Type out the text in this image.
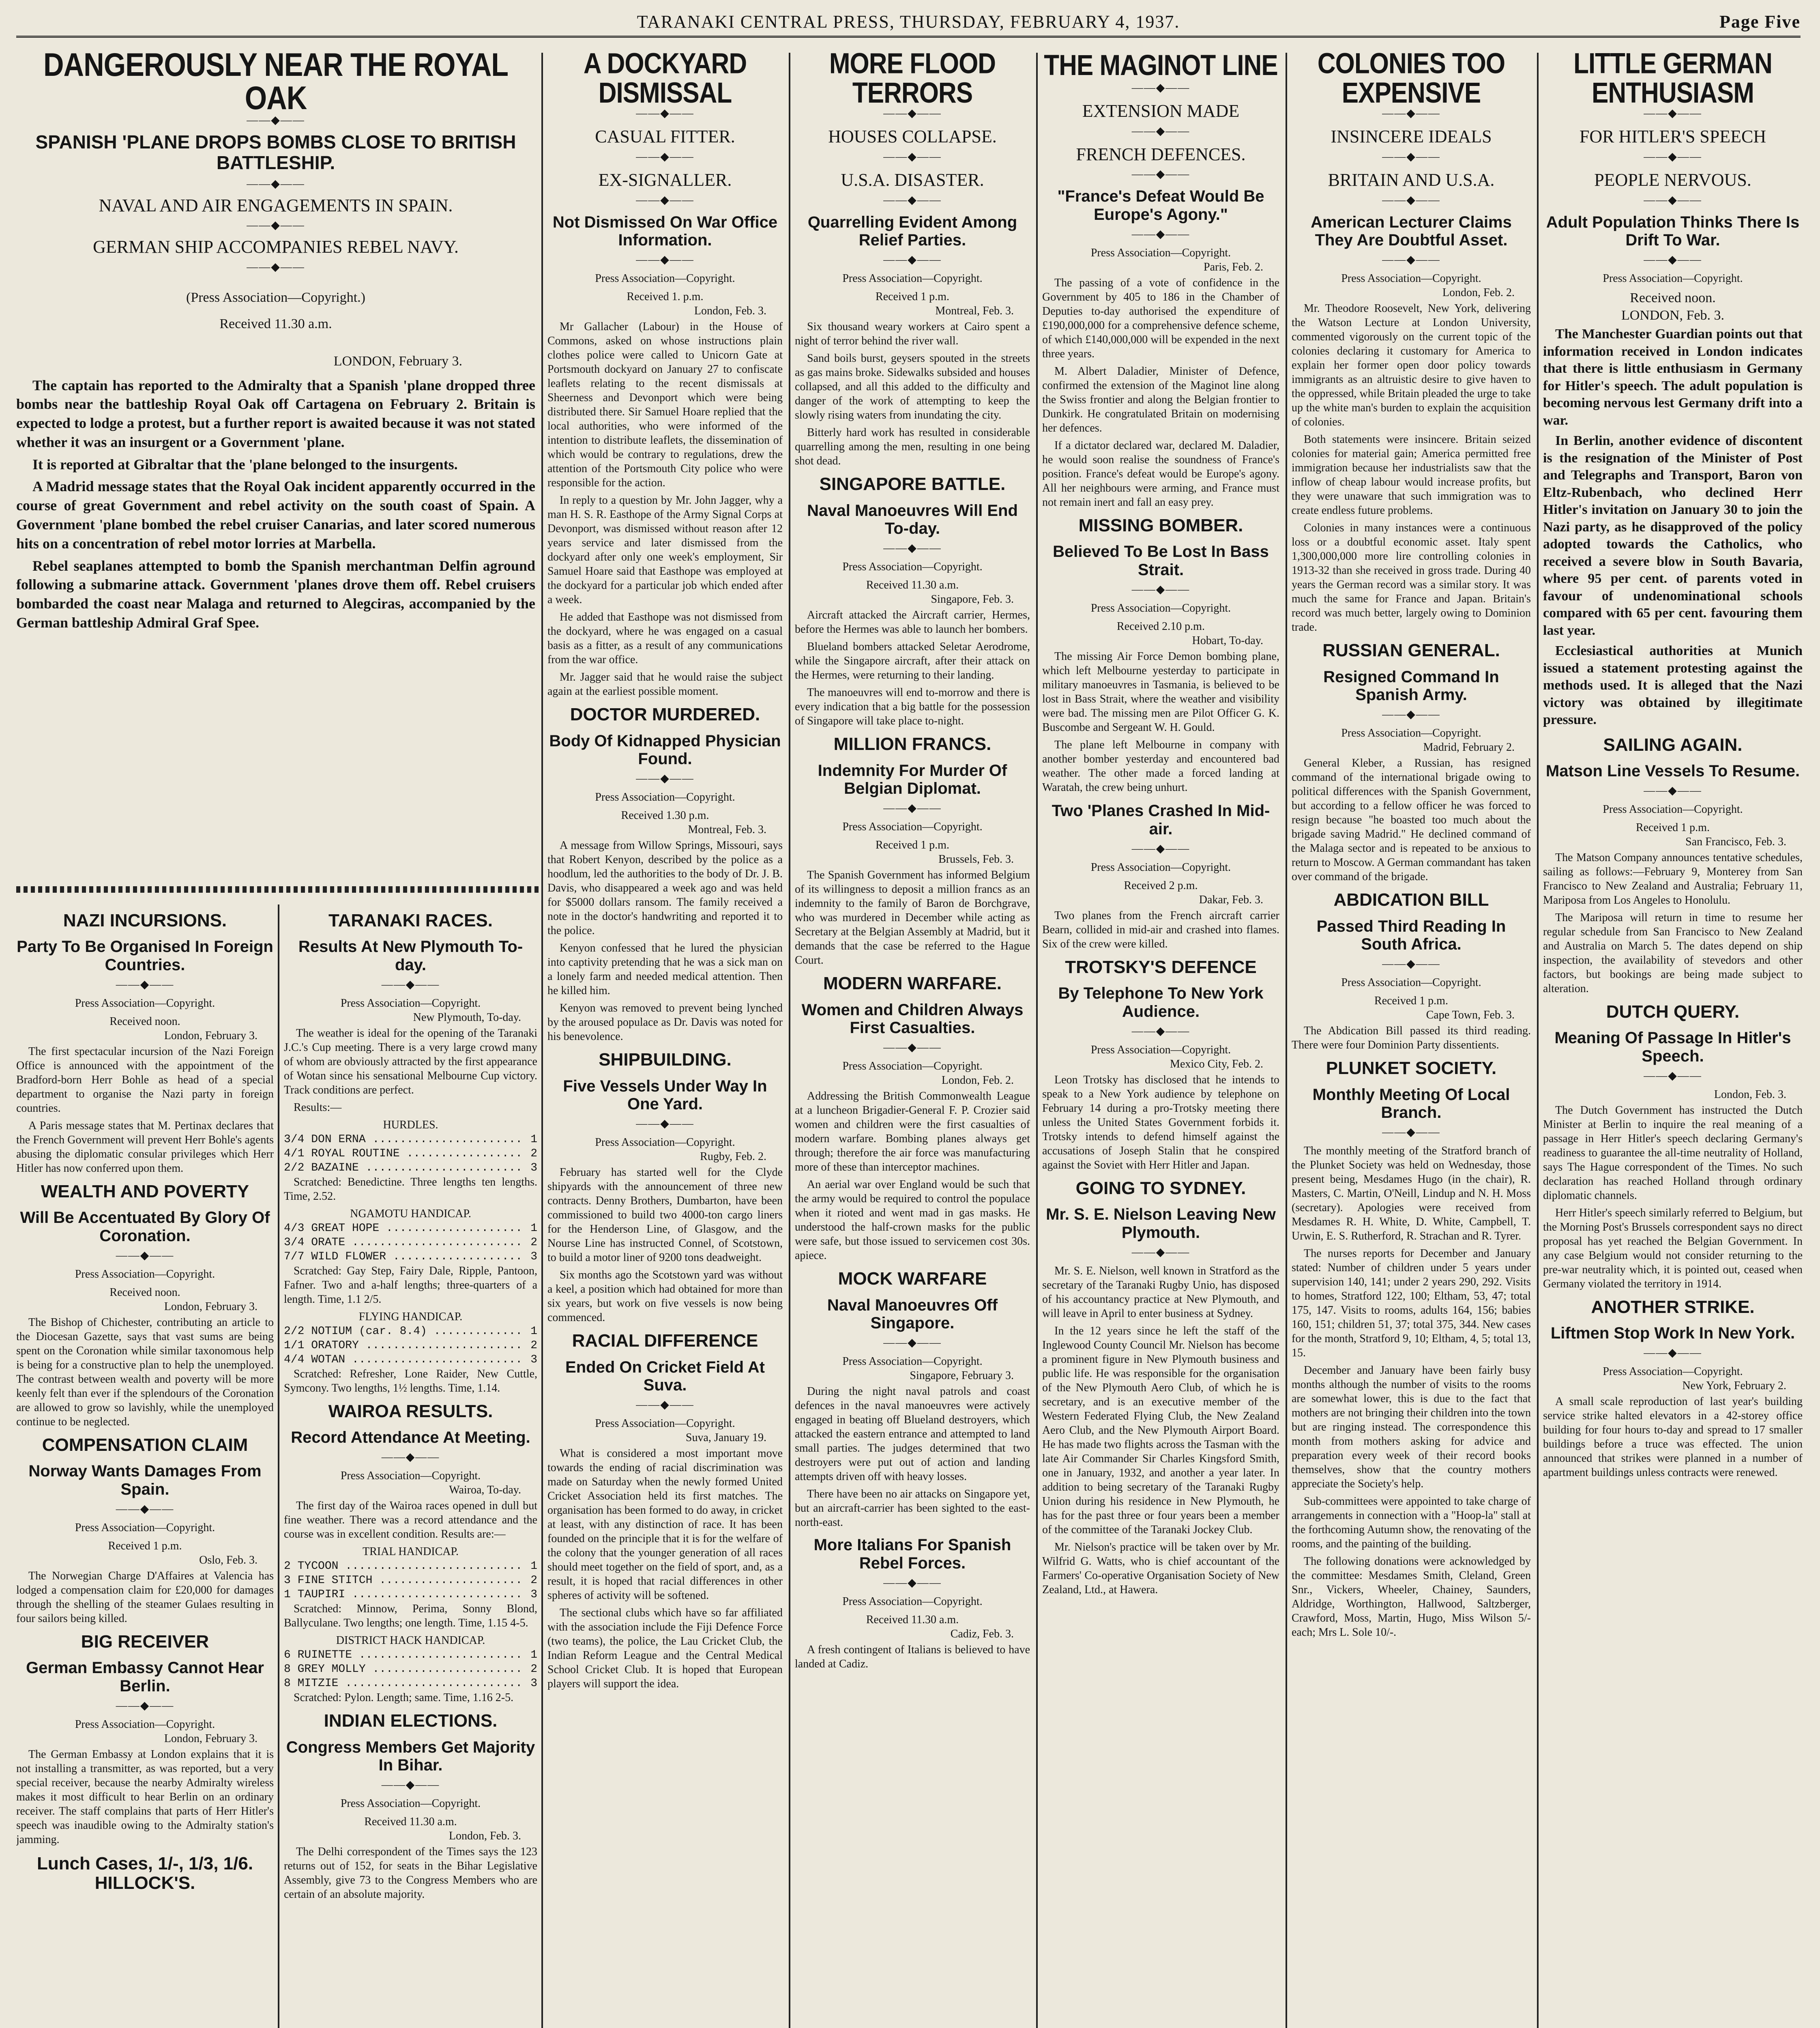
TARANAKI CENTRAL PRESS, THURSDAY, FEBRUARY 4, 1937.	Page Five
DANGEROUSLY NEAR THE ROYAL OAK
――◆――
SPANISH 'PLANE DROPS BOMBS CLOSE TO BRITISH BATTLESHIP.
――◆――
NAVAL AND AIR ENGAGEMENTS IN SPAIN.
――◆――
GERMAN SHIP ACCOMPANIES REBEL NAVY.
――◆――
(Press Association—Copyright.)
Received 11.30 a.m.
LONDON, February 3.

The captain has reported to the Admiralty that a Spanish 'plane dropped three bombs near the battleship Royal Oak off Cartagena on February 2. Britain is expected to lodge a protest, but a further report is awaited because it was not stated whether it was an insurgent or a Government 'plane.

It is reported at Gibraltar that the 'plane belonged to the insurgents.

A Madrid message states that the Royal Oak incident apparently occurred in the course of great Government and rebel activity on the south coast of Spain. A Government 'plane bombed the rebel cruiser Canarias, and later scored numerous hits on a concentration of rebel motor lorries at Marbella.

Rebel seaplanes attempted to bomb the Spanish merchantman Delfin aground following a submarine attack. Government 'planes drove them off. Rebel cruisers bombarded the coast near Malaga and returned to Alegciras, accompanied by the German battleship Admiral Graf Spee.

NAZI INCURSIONS.
Party To Be Organised In Foreign Countries.
――◆――
Press Association—Copyright.
Received noon.
London, February 3.

The first spectacular incursion of the Nazi Foreign Office is announced with the appointment of the Bradford-born Herr Bohle as head of a special department to organise the Nazi party in foreign countries.

A Paris message states that M. Pertinax declares that the French Government will prevent Herr Bohle's agents abusing the diplomatic consular privileges which Herr Hitler has now conferred upon them.

WEALTH AND POVERTY
Will Be Accentuated By Glory Of Coronation.
――◆――
Press Association—Copyright.
Received noon.
London, February 3.

The Bishop of Chichester, contributing an article to the Diocesan Gazette, says that vast sums are being spent on the Coronation while similar taxonomous help is being for a constructive plan to help the unemployed. The contrast between wealth and poverty will be more keenly felt than ever if the splendours of the Coronation are allowed to grow so lavishly, while the unemployed continue to be neglected.

COMPENSATION CLAIM
Norway Wants Damages From Spain.
――◆――
Press Association—Copyright.
Received 1 p.m.
Oslo, Feb. 3.

The Norwegian Charge D'Affaires at Valencia has lodged a compensation claim for £20,000 for damages through the shelling of the steamer Gulaes resulting in four sailors being killed.

BIG RECEIVER
German Embassy Cannot Hear Berlin.
――◆――
Press Association—Copyright.
London, February 3.

The German Embassy at London explains that it is not installing a transmitter, as was reported, but a very special receiver, because the nearby Admiralty wireless makes it most difficult to hear Berlin on an ordinary receiver. The staff complains that parts of Herr Hitler's speech was inaudible owing to the Admiralty station's jamming.

Lunch Cases, 1/-, 1/3, 1/6. HILLOCK'S.
TARANAKI RACES.
Results At New Plymouth To-day.
――◆――
Press Association—Copyright.
New Plymouth, To-day.

The weather is ideal for the opening of the Taranaki J.C.'s Cup meeting. There is a very large crowd many of whom are obviously attracted by the first appearance of Wotan since his sensational Melbourne Cup victory. Track conditions are perfect.

Results:—
HURDLES.
3/4 DON ERNA .....	1
4/1 ROYAL ROUTINE .....	2
2/2 BAZAINE .....	3

Scratched: Benedictine. Three lengths ten lengths. Time, 2.52.

NGAMOTU HANDICAP.
4/3 GREAT HOPE .....	1
3/4 ORATE .....	2
7/7 WILD FLOWER .....	3

Scratched: Gay Step, Fairy Dale, Ripple, Pantoon, Fafner. Two and a-half lengths; three-quarters of a length. Time, 1.1 2/5.

FLYING HANDICAP.
2/2 NOTIUM (car. 8.4) .....	1
1/1 ORATORY .....	2
4/4 WOTAN .....	3

Scratched: Refresher, Lone Raider, New Cuttle, Symcony. Two lengths, 1½ lengths. Time, 1.14.

WAIROA RESULTS.
Record Attendance At Meeting.
――◆――
Press Association—Copyright.
Wairoa, To-day.

The first day of the Wairoa races opened in dull but fine weather. There was a record attendance and the course was in excellent condition. Results are:—

TRIAL HANDICAP.
2 TYCOON .....	1
3 FINE STITCH .....	2
1 TAUPIRI .....	3

Scratched: Minnow, Perima, Sonny Blond, Ballyculane. Two lengths; one length. Time, 1.15 4-5.

DISTRICT HACK HANDICAP.
6 RUINETTE .....	1
8 GREY MOLLY .....	2
8 MITZIE .....	3

Scratched: Pylon. Length; same. Time, 1.16 2-5.

INDIAN ELECTIONS.
Congress Members Get Majority In Bihar.
――◆――
Press Association—Copyright.
Received 11.30 a.m.
London, Feb. 3.

The Delhi correspondent of the Times says the 123 returns out of 152, for seats in the Bihar Legislative Assembly, give 73 to the Congress Members who are certain of an absolute majority.

A DOCKYARD DISMISSAL
――◆――
CASUAL FITTER.
――◆――
EX-SIGNALLER.
――◆――
Not Dismissed On War Office Information.
――◆――
Press Association—Copyright.
Received 1. p.m.
London, Feb. 3.

Mr Gallacher (Labour) in the House of Commons, asked on whose instructions plain clothes police were called to Unicorn Gate at Portsmouth dockyard on January 27 to confiscate leaflets relating to the recent dismissals at Sheerness and Devonport which were being distributed there. Sir Samuel Hoare replied that the local authorities, who were informed of the intention to distribute leaflets, the dissemination of which would be contrary to regulations, drew the attention of the Portsmouth City police who were responsible for the action.

In reply to a question by Mr. John Jagger, why a man H. S. R. Easthope of the Army Signal Corps at Devonport, was dismissed without reason after 12 years service and later dismissed from the dockyard after only one week's employment, Sir Samuel Hoare said that Easthope was employed at the dockyard for a particular job which ended after a week.

He added that Easthope was not dismissed from the dockyard, where he was engaged on a casual basis as a fitter, as a result of any communications from the war office.

Mr. Jagger said that he would raise the subject again at the earliest possible moment.

DOCTOR MURDERED.
Body Of Kidnapped Physician Found.
――◆――
Press Association—Copyright.
Received 1.30 p.m.
Montreal, Feb. 3.

A message from Willow Springs, Missouri, says that Robert Kenyon, described by the police as a hoodlum, led the authorities to the body of Dr. J. B. Davis, who disappeared a week ago and was held for $5000 dollars ransom. The family received a note in the doctor's handwriting and reported it to the police.

Kenyon confessed that he lured the physician into captivity pretending that he was a sick man on a lonely farm and needed medical attention. Then he killed him.

Kenyon was removed to prevent being lynched by the aroused populace as Dr. Davis was noted for his benevolence.

SHIPBUILDING.
Five Vessels Under Way In One Yard.
――◆――
Press Association—Copyright.
Rugby, Feb. 2.

February has started well for the Clyde shipyards with the announcement of three new contracts. Denny Brothers, Dumbarton, have been commissioned to build two 4000-ton cargo liners for the Henderson Line, of Glasgow, and the Nourse Line has instructed Connel, of Scotstown, to build a motor liner of 9200 tons deadweight.

Six months ago the Scotstown yard was without a keel, a position which had obtained for more than six years, but work on five vessels is now being commenced.

RACIAL DIFFERENCE
Ended On Cricket Field At Suva.
――◆――
Press Association—Copyright.
Suva, January 19.

What is considered a most important move towards the ending of racial discrimination was made on Saturday when the newly formed United Cricket Association held its first matches. The organisation has been formed to do away, in cricket at least, with any distinction of race. It has been founded on the principle that it is for the welfare of the colony that the younger generation of all races should meet together on the field of sport, and, as a result, it is hoped that racial differences in other spheres of activity will be softened.

The sectional clubs which have so far affiliated with the association include the Fiji Defence Force (two teams), the police, the Lau Cricket Club, the Indian Reform League and the Central Medical School Cricket Club. It is hoped that European players will support the idea.

MORE FLOOD TERRORS
――◆――
HOUSES COLLAPSE.
――◆――
U.S.A. DISASTER.
――◆――
Quarrelling Evident Among Relief Parties.
――◆――
Press Association—Copyright.
Received 1 p.m.
Montreal, Feb. 3.

Six thousand weary workers at Cairo spent a night of terror behind the river wall.

Sand boils burst, geysers spouted in the streets as gas mains broke. Sidewalks subsided and houses collapsed, and all this added to the difficulty and danger of the work of attempting to keep the slowly rising waters from inundating the city.

Bitterly hard work has resulted in considerable quarrelling among the men, resulting in one being shot dead.

SINGAPORE BATTLE.
Naval Manoeuvres Will End To-day.
――◆――
Press Association—Copyright.
Received 11.30 a.m.
Singapore, Feb. 3.

Aircraft attacked the Aircraft carrier, Hermes, before the Hermes was able to launch her bombers.

Blueland bombers attacked Seletar Aerodrome, while the Singapore aircraft, after their attack on the Hermes, were returning to their landing.

The manoeuvres will end to-morrow and there is every indication that a big battle for the possession of Singapore will take place to-night.

MILLION FRANCS.
Indemnity For Murder Of Belgian Diplomat.
――◆――
Press Association—Copyright.
Received 1 p.m.
Brussels, Feb. 3.

The Spanish Government has informed Belgium of its willingness to deposit a million francs as an indemnity to the family of Baron de Borchgrave, who was murdered in December while acting as Secretary at the Belgian Assembly at Madrid, but it demands that the case be referred to the Hague Court.

MODERN WARFARE.
Women and Children Always First Casualties.
――◆――
Press Association—Copyright.
London, Feb. 2.

Addressing the British Commonwealth League at a luncheon Brigadier-General F. P. Crozier said women and children were the first casualties of modern warfare. Bombing planes always get through; therefore the air force was manufacturing more of these than interceptor machines.

An aerial war over England would be such that the army would be required to control the populace when it rioted and went mad in gas masks. He understood the half-crown masks for the public were safe, but those issued to servicemen cost 30s. apiece.

MOCK WARFARE
Naval Manoeuvres Off Singapore.
――◆――
Press Association—Copyright.
Singapore, February 3.

During the night naval patrols and coast defences in the naval manoeuvres were actively engaged in beating off Blueland destroyers, which attacked the eastern entrance and attempted to land small parties. The judges determined that two destroyers were put out of action and landing attempts driven off with heavy losses.

There have been no air attacks on Singapore yet, but an aircraft-carrier has been sighted to the east-north-east.

More Italians For Spanish Rebel Forces.
――◆――
Press Association—Copyright.
Received 11.30 a.m.
Cadiz, Feb. 3.

A fresh contingent of Italians is believed to have landed at Cadiz.

THE MAGINOT LINE
――◆――
EXTENSION MADE
――◆――
FRENCH DEFENCES.
――◆――
"France's Defeat Would Be Europe's Agony."
――◆――
Press Association—Copyright.
Paris, Feb. 2.

The passing of a vote of confidence in the Government by 405 to 186 in the Chamber of Deputies to-day authorised the expenditure of £190,000,000 for a comprehensive defence scheme, of which £140,000,000 will be expended in the next three years.

M. Albert Daladier, Minister of Defence, confirmed the extension of the Maginot line along the Swiss frontier and along the Belgian frontier to Dunkirk. He congratulated Britain on modernising her defences.

If a dictator declared war, declared M. Daladier, he would soon realise the soundness of France's position. France's defeat would be Europe's agony. All her neighbours were arming, and France must not remain inert and fall an easy prey.

MISSING BOMBER.
Believed To Be Lost In Bass Strait.
――◆――
Press Association—Copyright.
Received 2.10 p.m.
Hobart, To-day.

The missing Air Force Demon bombing plane, which left Melbourne yesterday to participate in military manoeuvres in Tasmania, is believed to be lost in Bass Strait, where the weather and visibility were bad. The missing men are Pilot Officer G. K. Buscombe and Sergeant W. H. Gould.

The plane left Melbourne in company with another bomber yesterday and encountered bad weather. The other made a forced landing at Waratah, the crew being unhurt.

Two 'Planes Crashed In Mid-air.
――◆――
Press Association—Copyright.
Received 2 p.m.
Dakar, Feb. 3.

Two planes from the French aircraft carrier Bearn, collided in mid-air and crashed into flames. Six of the crew were killed.

TROTSKY'S DEFENCE
By Telephone To New York Audience.
――◆――
Press Association—Copyright.
Mexico City, Feb. 2.

Leon Trotsky has disclosed that he intends to speak to a New York audience by telephone on February 14 during a pro-Trotsky meeting there unless the United States Government forbids it. Trotsky intends to defend himself against the accusations of Joseph Stalin that he conspired against the Soviet with Herr Hitler and Japan.

GOING TO SYDNEY.
Mr. S. E. Nielson Leaving New Plymouth.
――◆――

Mr. S. E. Nielson, well known in Stratford as the secretary of the Taranaki Rugby Unio, has disposed of his accountancy practice at New Plymouth, and will leave in April to enter business at Sydney.

In the 12 years since he left the staff of the Inglewood County Council Mr. Nielson has become a prominent figure in New Plymouth business and public life. He was responsible for the organisation of the New Plymouth Aero Club, of which he is secretary, and is an executive member of the Western Federated Flying Club, the New Zealand Aero Club, and the New Plymouth Airport Board. He has made two flights across the Tasman with the late Air Commander Sir Charles Kingsford Smith, one in January, 1932, and another a year later. In addition to being secretary of the Taranaki Rugby Union during his residence in New Plymouth, he has for the past three or four years been a member of the committee of the Taranaki Jockey Club.

Mr. Nielson's practice will be taken over by Mr. Wilfrid G. Watts, who is chief accountant of the Farmers' Co-operative Organisation Society of New Zealand, Ltd., at Hawera.

COLONIES TOO EXPENSIVE
――◆――
INSINCERE IDEALS
――◆――
BRITAIN AND U.S.A.
――◆――
American Lecturer Claims They Are Doubtful Asset.
――◆――
Press Association—Copyright.
London, Feb. 2.

Mr. Theodore Roosevelt, New York, delivering the Watson Lecture at London University, commented vigorously on the current topic of the colonies declaring it customary for America to explain her former open door policy towards immigrants as an altruistic desire to give haven to the oppressed, while Britain pleaded the urge to take up the white man's burden to explain the acquisition of colonies.

Both statements were insincere. Britain seized colonies for material gain; America permitted free immigration because her industrialists saw that the inflow of cheap labour would increase profits, but they were unaware that such immigration was to create endless future problems.

Colonies in many instances were a continuous loss or a doubtful economic asset. Italy spent 1,300,000,000 more lire controlling colonies in 1913-32 than she received in gross trade. During 40 years the German record was a similar story. It was much the same for France and Japan. Britain's record was much better, largely owing to Dominion trade.

RUSSIAN GENERAL.
Resigned Command In Spanish Army.
――◆――
Press Association—Copyright.
Madrid, February 2.

General Kleber, a Russian, has resigned command of the international brigade owing to political differences with the Spanish Government, but according to a fellow officer he was forced to resign because "he boasted too much about the brigade saving Madrid." He declined command of the Malaga sector and is repeated to be anxious to return to Moscow. A German commandant has taken over command of the brigade.

ABDICATION BILL
Passed Third Reading In South Africa.
――◆――
Press Association—Copyright.
Received 1 p.m.
Cape Town, Feb. 3.

The Abdication Bill passed its third reading. There were four Dominion Party dissentients.

PLUNKET SOCIETY.
Monthly Meeting Of Local Branch.
――◆――

The monthly meeting of the Stratford branch of the Plunket Society was held on Wednesday, those present being, Mesdames Hugo (in the chair), R. Masters, C. Martin, O'Neill, Lindup and N. H. Moss (secretary). Apologies were received from Mesdames R. H. White, D. White, Campbell, T. Urwin, E. S. Rutherford, R. Strachan and R. Tyrer.

The nurses reports for December and January stated: Number of children under 5 years under supervision 140, 141; under 2 years 290, 292. Visits to homes, Stratford 122, 100; Eltham, 53, 47; total 175, 147. Visits to rooms, adults 164, 156; babies 160, 151; children 51, 37; total 375, 344. New cases for the month, Stratford 9, 10; Eltham, 4, 5; total 13, 15.

December and January have been fairly busy months although the number of visits to the rooms are somewhat lower, this is due to the fact that mothers are not bringing their children into the town but are ringing instead. The correspondence this month from mothers asking for advice and preparation every week of their record books themselves, show that the country mothers appreciate the Society's help.

Sub-committees were appointed to take charge of arrangements in connection with a "Hoop-la" stall at the forthcoming Autumn show, the renovating of the rooms, and the painting of the building.

The following donations were acknowledged by the committee: Mesdames Smith, Cleland, Green Snr., Vickers, Wheeler, Chainey, Saunders, Aldridge, Worthington, Hallwood, Saltzberger, Crawford, Moss, Martin, Hugo, Miss Wilson 5/- each; Mrs L. Sole 10/-.

LITTLE GERMAN ENTHUSIASM
――◆――
FOR HITLER'S SPEECH
――◆――
PEOPLE NERVOUS.
――◆――
Adult Population Thinks There Is Drift To War.
――◆――
Press Association—Copyright.
Received noon.
LONDON, Feb. 3.

The Manchester Guardian points out that information received in London indicates that there is little enthusiasm in Germany for Hitler's speech. The adult population is becoming nervous lest Germany drift into a war.

In Berlin, another evidence of discontent is the resignation of the Minister of Post and Telegraphs and Transport, Baron von Eltz-Rubenbach, who declined Herr Hitler's invitation on January 30 to join the Nazi party, as he disapproved of the policy adopted towards the Catholics, who received a severe blow in South Bavaria, where 95 per cent. of parents voted in favour of undenominational schools compared with 65 per cent. favouring them last year.

Ecclesiastical authorities at Munich issued a statement protesting against the methods used. It is alleged that the Nazi victory was obtained by illegitimate pressure.

SAILING AGAIN.
Matson Line Vessels To Resume.
――◆――
Press Association—Copyright.
Received 1 p.m.
San Francisco, Feb. 3.

The Matson Company announces tentative schedules, sailing as follows:—February 9, Monterey from San Francisco to New Zealand and Australia; February 11, Mariposa from Los Angeles to Honolulu.

The Mariposa will return in time to resume her regular schedule from San Francisco to New Zealand and Australia on March 5. The dates depend on ship inspection, the availability of stevedors and other factors, but bookings are being made subject to alteration.

DUTCH QUERY.
Meaning Of Passage In Hitler's Speech.
――◆――
London, Feb. 3.

The Dutch Government has instructed the Dutch Minister at Berlin to inquire the real meaning of a passage in Herr Hitler's speech declaring Germany's readiness to guarantee the all-time neutrality of Holland, says The Hague correspondent of the Times. No such declaration has reached Holland through ordinary diplomatic channels.

Herr Hitler's speech similarly referred to Belgium, but the Morning Post's Brussels correspondent says no direct proposal has yet reached the Belgian Government. In any case Belgium would not consider returning to the pre-war neutrality which, it is pointed out, ceased when Germany violated the territory in 1914.

ANOTHER STRIKE.
Liftmen Stop Work In New York.
――◆――
Press Association—Copyright.
New York, February 2.

A small scale reproduction of last year's building service strike halted elevators in a 42-storey office building for four hours to-day and spread to 17 smaller buildings before a truce was effected. The union announced that strikes were planned in a number of apartment buildings unless contracts were renewed.
